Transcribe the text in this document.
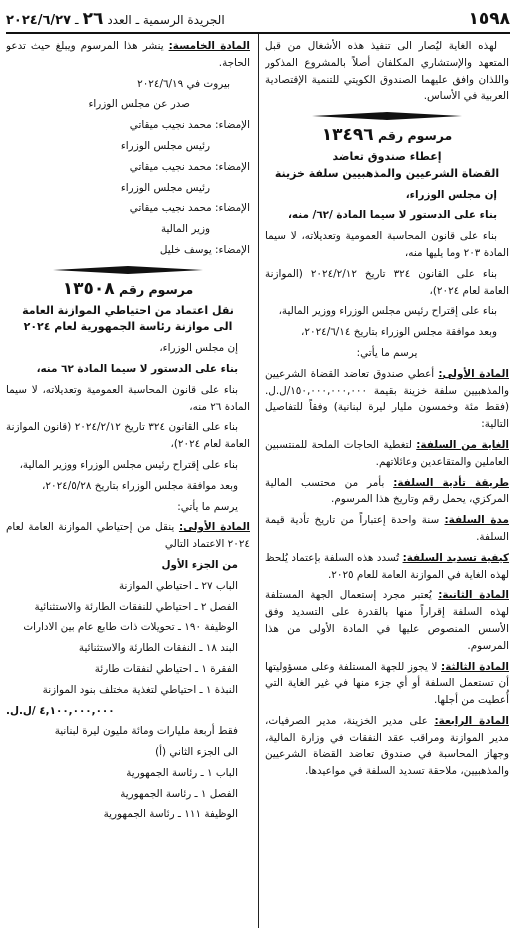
١٥٩٨
الجريدة الرسمية ـ العدد
٢٦
ـ
٢٠٢٤/٦/٢٧

لهذه الغاية ليُصار الى تنفيذ هذه الأشغال من قبل المتعهد والإستشاري المكلفان أصلاً بالمشروع المذكور واللذان وافق عليهما الصندوق الكويتي للتنمية الإقتصادية العربية في الأساس.

مرسوم رقم ١٣٤٩٦

إعطاء صندوق تعاضد

القضاة الشرعيين والمذهبيين سلفة خزينة

إن مجلس الوزراء،

بناء على الدستور لا سيما المادة /٦٢/ منه،

بناء على قانون المحاسبة العمومية وتعديلاته، لا سيما المادة ٢٠٣ وما يليها منه،

بناء على القانون ٣٢٤ تاريخ ٢٠٢٤/٢/١٢ (الموازنة العامة لعام ٢٠٢٤)،

بناء على إقتراح رئيس مجلس الوزراء ووزير المالية،

وبعد موافقة مجلس الوزراء بتاريخ ٢٠٢٤/٦/١٤،

يرسم ما يأتي:

المادة الأولى: أعطي صندوق تعاضد القضاة الشرعيين والمذهبيين سلفة خزينة بقيمة ١٥٠,٠٠٠,٠٠٠,٠٠٠/ل.ل. (فقط مئة وخمسون مليار ليرة لبنانية) وفقاً للتفاصيل التالية:

الغاية من السلفة: لتغطية الحاجات الملحة للمنتسبين العاملين والمتقاعدين وعائلاتهم.

طريقة تأدية السلفة: بأمر من محتسب المالية المركزي، يحمل رقم وتاريخ هذا المرسوم.

مدة السلفة: سنة واحدة إعتباراً من تاريخ تأدية قيمة السلفة.

كيفية تسديد السلفة: تُسدد هذه السلفة بإعتماد يُلحظ لهذه الغاية في الموازنة العامة للعام ٢٠٢٥.

المادة الثانية: يُعتبر مجرد إستعمال الجهة المستلفة لهذه السلفة إقراراً منها بالقدرة على التسديد وفق الأسس المنصوص عليها في المادة الأولى من هذا المرسوم.

المادة الثالثة: لا يجوز للجهة المستلفة وعلى مسؤوليتها أن تستعمل السلفة أو أي جزء منها في غير الغاية التي أُعطيت من أجلها.

المادة الرابعة: على مدير الخزينة، مدير الصرفيات، مدير الموازنة ومراقب عقد النفقات في وزارة المالية، وجهاز المحاسبة في صندوق تعاضد القضاة الشرعيين والمذهبيين، ملاحقة تسديد السلفة في مواعيدها.

المادة الخامسة: ينشر هذا المرسوم ويبلغ حيث تدعو الحاجة.

بيروت في ٢٠٢٤/٦/١٩

صدر عن مجلس الوزراء

الإمضاء: محمد نجيب ميقاتي

رئيس مجلس الوزراء

الإمضاء: محمد نجيب ميقاتي

رئيس مجلس الوزراء

الإمضاء: محمد نجيب ميقاتي

وزير المالية

الإمضاء: يوسف خليل

مرسوم رقم ١٣٥٠٨

نقل اعتماد من احتياطي الموازنة العامة

الى موازنة رئاسة الجمهورية لعام ٢٠٢٤

إن مجلس الوزراء،

بناء على الدستور لا سيما المادة ٦٢ منه،

بناء على قانون المحاسبة العمومية وتعديلاته، لا سيما المادة ٢٦ منه،

بناء على القانون ٣٢٤ تاريخ ٢٠٢٤/٢/١٢ (قانون الموازنة العامة لعام ٢٠٢٤)،

بناء على إقتراح رئيس مجلس الوزراء ووزير المالية،

وبعد موافقة مجلس الوزراء بتاريخ ٢٠٢٤/٥/٢٨،

يرسم ما يأتي:

المادة الأولى: ينقل من إحتياطي الموازنة العامة لعام ٢٠٢٤ الاعتماد التالي

من الجزء الأول

الباب ٢٧ ـ احتياطي الموازنة

الفصل ٢ ـ احتياطي للنفقات الطارئة والاستثنائية

الوظيفة ١٩٠ ـ تحويلات ذات طابع عام بين الادارات

البند ١٨ ـ النفقات الطارئة والاستثنائية

الفقرة ١ ـ احتياطي لنفقات طارئة

النبذة ١ ـ احتياطي لتغذية مختلف بنود الموازنة

٤,١٠٠,٠٠٠,٠٠٠ /ل.ل.

فقط أربعة مليارات ومائة مليون ليرة لبنانية

الى الجزء الثاني (أ)

الباب ١ ـ رئاسة الجمهورية

الفصل ١ ـ رئاسة الجمهورية

الوظيفة ١١١ ـ رئاسة الجمهورية
